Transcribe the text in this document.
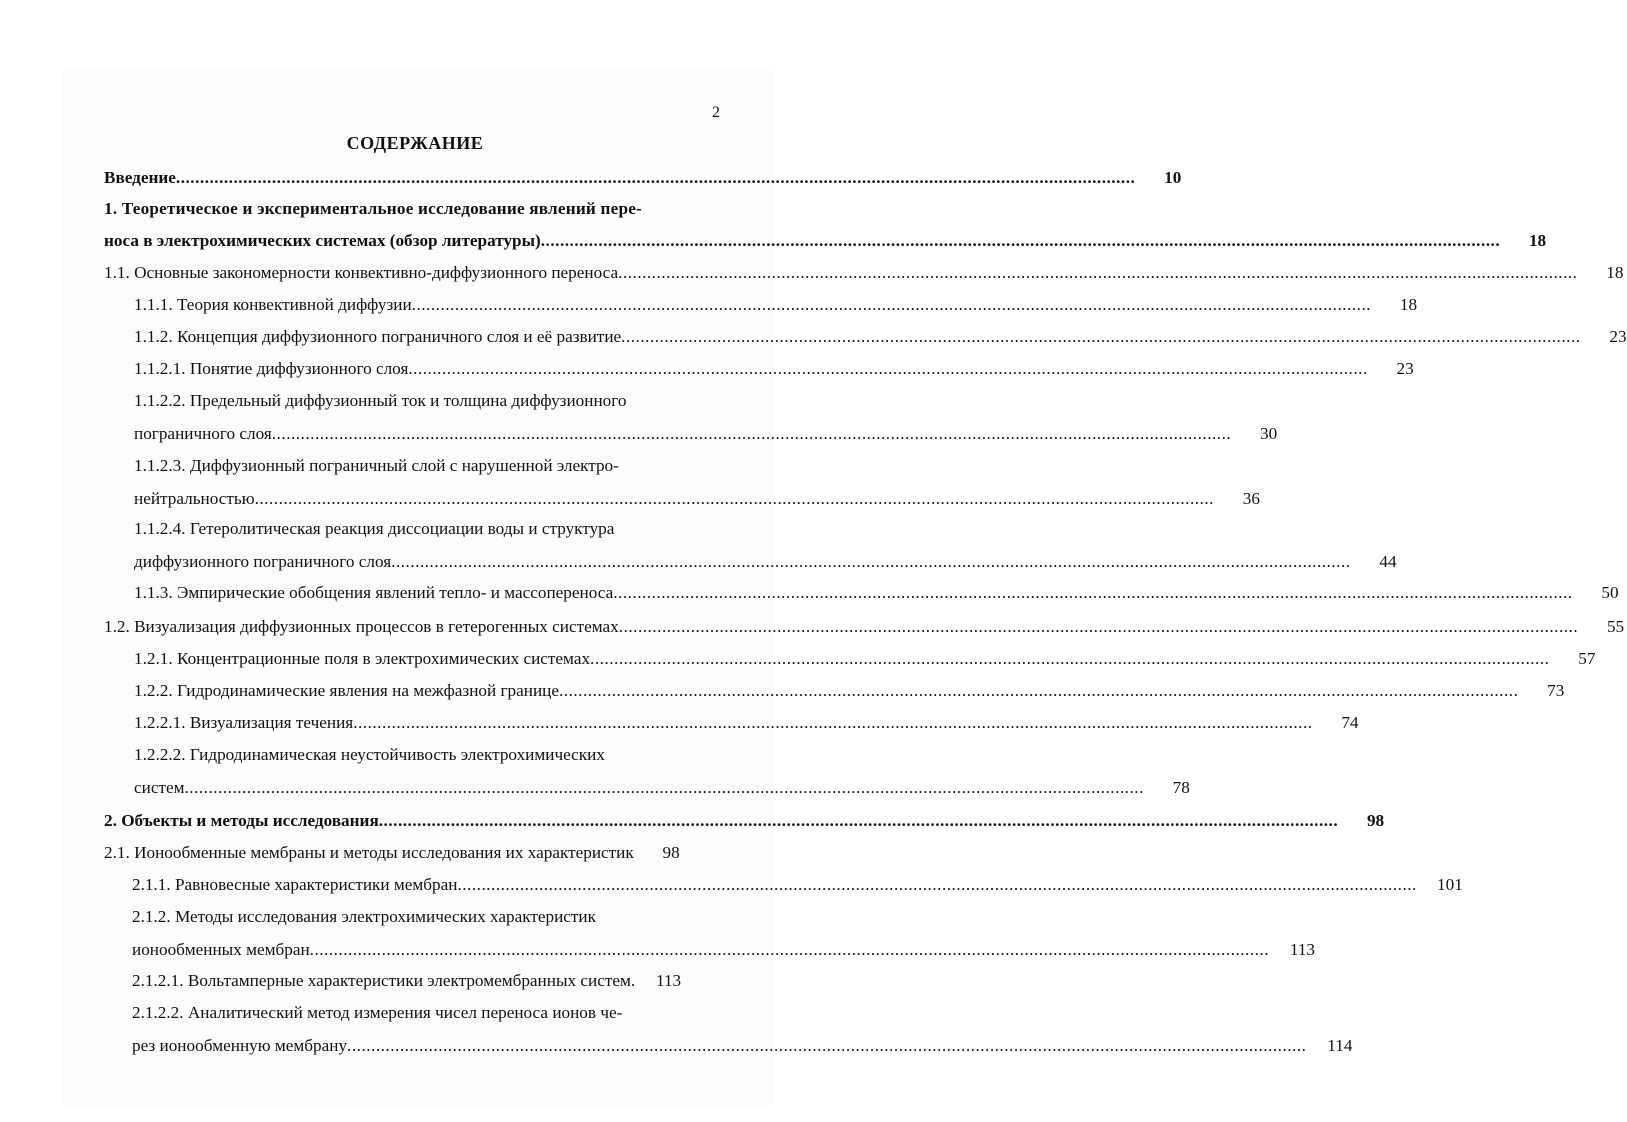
2
СОДЕРЖАНИЕ
Введение .....	10
1. Теоретическое и экспериментальное исследование явлений пере-
носа в электрохимических системах (обзор литературы) .....	18
1.1. Основные закономерности конвективно-диффузионного переноса .....	18
1.1.1. Теория конвективной диффузии .....	18
1.1.2. Концепция диффузионного пограничного слоя и её развитие .....	23
1.1.2.1. Понятие диффузионного слоя .....	23
1.1.2.2. Предельный диффузионный ток и толщина диффузионного
пограничного слоя .....	30
1.1.2.3. Диффузионный пограничный слой с нарушенной электро-
нейтральностью .....	36
1.1.2.4. Гетеролитическая реакция диссоциации воды и структура
диффузионного пограничного слоя .....	44
1.1.3. Эмпирические обобщения явлений тепло- и массопереноса .....	50
1.2. Визуализация диффузионных процессов в гетерогенных системах .....	55
1.2.1. Концентрационные поля в электрохимических системах .....	57
1.2.2. Гидродинамические явления на межфазной границе .....	73
1.2.2.1. Визуализация течения .....	74
1.2.2.2. Гидродинамическая неустойчивость электрохимических
систем .....	78
2. Объекты и методы исследования .....	98
2.1. Ионообменные мембраны и методы исследования их характеристик	98
2.1.1. Равновесные характеристики мембран .....	101
2.1.2. Методы исследования электрохимических характеристик
ионообменных мембран .....	113
2.1.2.1. Вольтамперные характеристики электромембранных систем.	113
2.1.2.2. Аналитический метод измерения чисел переноса ионов че-
рез ионообменную мембрану .....	114
